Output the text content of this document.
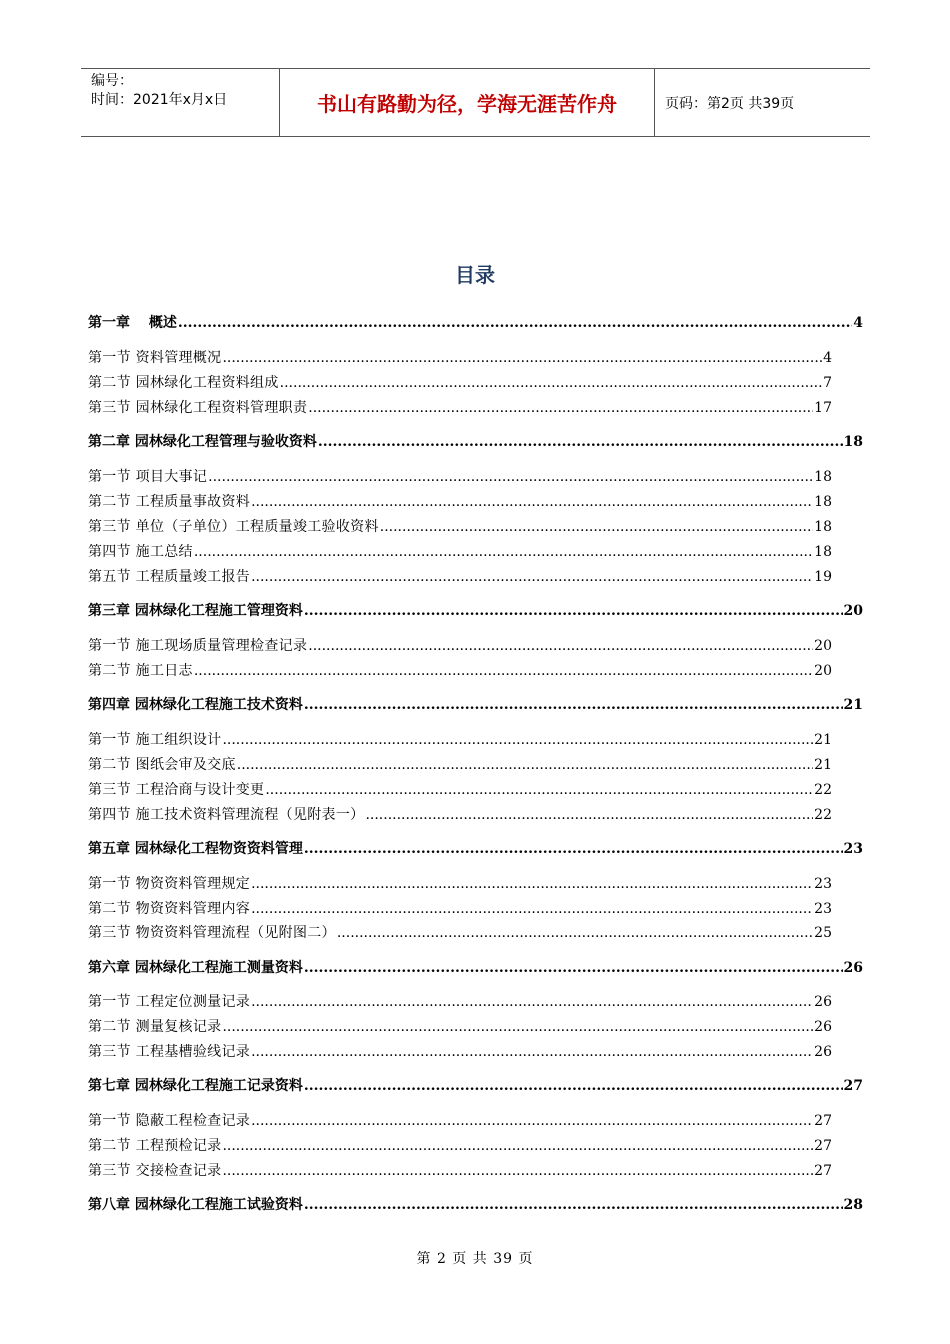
编号：
时间：2021年x月x日	书山有路勤为径，学海无涯苦作舟	页码：第2页 共39页
目录
第一章　 概述 .....	4
第一节 资料管理概况 .....	4
第二节 园林绿化工程资料组成 .....	7
第三节 园林绿化工程资料管理职责 .....	17
第二章 园林绿化工程管理与验收资料 .....	18
第一节 项目大事记 .....	18
第二节 工程质量事故资料 .....	18
第三节 单位（子单位）工程质量竣工验收资料 .....	18
第四节 施工总结 .....	18
第五节 工程质量竣工报告 .....	19
第三章 园林绿化工程施工管理资料 .....	20
第一节 施工现场质量管理检查记录 .....	20
第二节 施工日志 .....	20
第四章 园林绿化工程施工技术资料 .....	21
第一节 施工组织设计 .....	21
第二节 图纸会审及交底 .....	21
第三节 工程洽商与设计变更 .....	22
第四节 施工技术资料管理流程（见附表一） .....	22
第五章 园林绿化工程物资资料管理 .....	23
第一节 物资资料管理规定 .....	23
第二节 物资资料管理内容 .....	23
第三节 物资资料管理流程（见附图二） .....	25
第六章 园林绿化工程施工测量资料 .....	26
第一节 工程定位测量记录 .....	26
第二节 测量复核记录 .....	26
第三节 工程基槽验线记录 .....	26
第七章 园林绿化工程施工记录资料 .....	27
第一节 隐蔽工程检查记录 .....	27
第二节 工程预检记录 .....	27
第三节 交接检查记录 .....	27
第八章 园林绿化工程施工试验资料 .....	28
第 2 页 共 39 页
